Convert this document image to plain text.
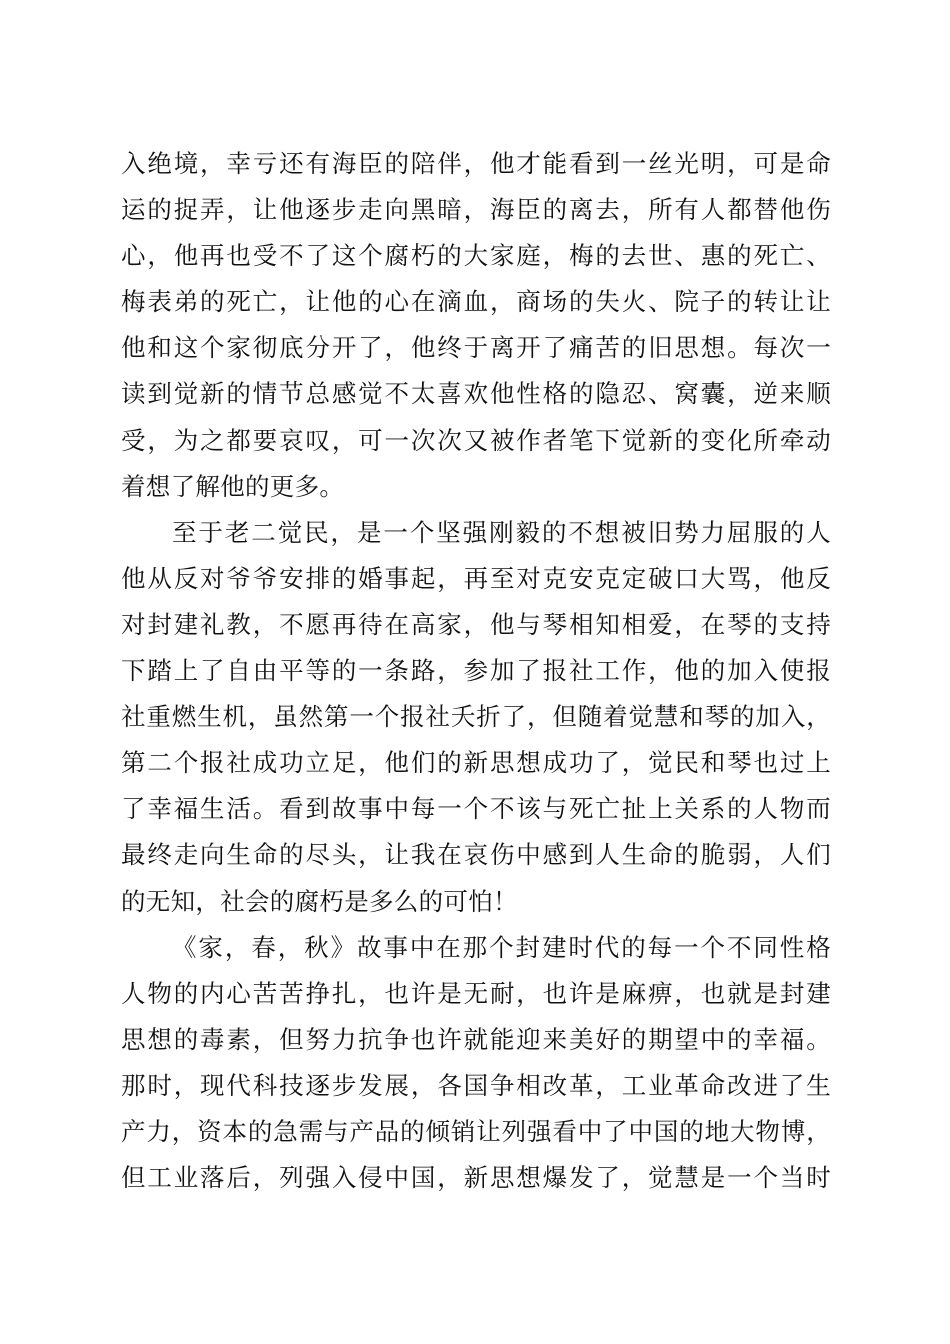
入绝境，幸亏还有海臣的陪伴，他才能看到一丝光明，可是命
运的捉弄，让他逐步走向黑暗，海臣的离去，所有人都替他伤
心，他再也受不了这个腐朽的大家庭，梅的去世、惠的死亡、
梅表弟的死亡，让他的心在滴血，商场的失火、院子的转让让
他和这个家彻底分开了，他终于离开了痛苦的旧思想。每次一
读到觉新的情节总感觉不太喜欢他性格的隐忍、窝囊，逆来顺
受，为之都要哀叹，可一次次又被作者笔下觉新的变化所牵动
着想了解他的更多。
至于老二觉民，是一个坚强刚毅的不想被旧势力屈服的人
他从反对爷爷安排的婚事起，再至对克安克定破口大骂，他反
对封建礼教，不愿再待在高家，他与琴相知相爱，在琴的支持
下踏上了自由平等的一条路，参加了报社工作，他的加入使报
社重燃生机，虽然第一个报社夭折了，但随着觉慧和琴的加入，
第二个报社成功立足，他们的新思想成功了，觉民和琴也过上
了幸福生活。看到故事中每一个不该与死亡扯上关系的人物而
最终走向生命的尽头，让我在哀伤中感到人生命的脆弱，人们
的无知，社会的腐朽是多么的可怕！
《家，春，秋》故事中在那个封建时代的每一个不同性格
人物的内心苦苦挣扎，也许是无耐，也许是麻痹，也就是封建
思想的毒素，但努力抗争也许就能迎来美好的期望中的幸福。
那时，现代科技逐步发展，各国争相改革，工业革命改进了生
产力，资本的急需与产品的倾销让列强看中了中国的地大物博，
但工业落后，列强入侵中国，新思想爆发了，觉慧是一个当时
